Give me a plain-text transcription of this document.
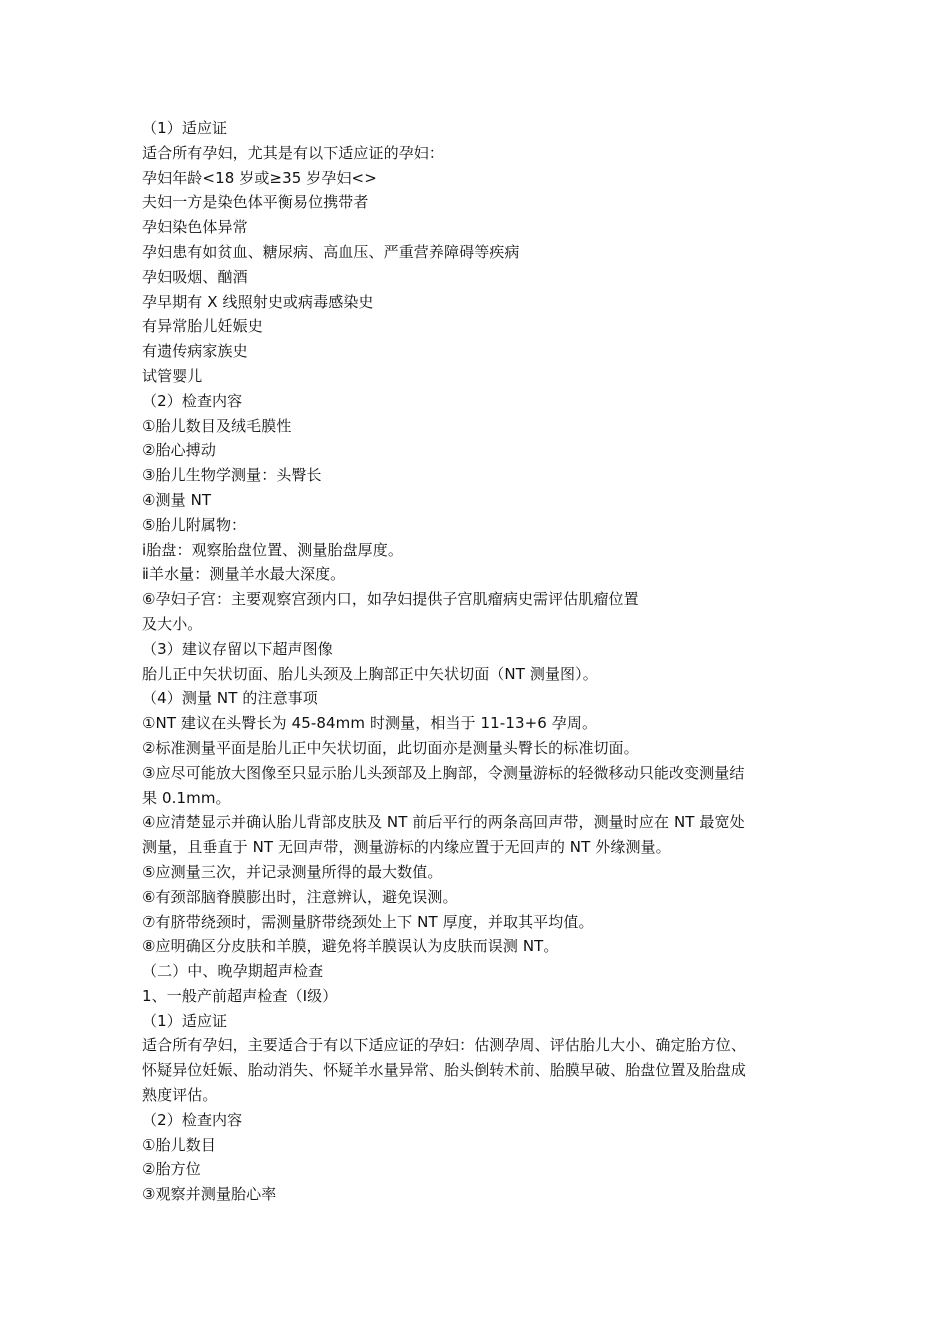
（1）适应证
适合所有孕妇，尤其是有以下适应证的孕妇：
孕妇年龄<18 岁或≥35 岁孕妇<>
夫妇一方是染色体平衡易位携带者
孕妇染色体异常
孕妇患有如贫血、糖尿病、高血压、严重营养障碍等疾病
孕妇吸烟、酗酒
孕早期有 X 线照射史或病毒感染史
有异常胎儿妊娠史
有遗传病家族史
试管婴儿
（2）检查内容
①胎儿数目及绒毛膜性
②胎心搏动
③胎儿生物学测量：头臀长
④测量 NT
⑤胎儿附属物：
ⅰ胎盘：观察胎盘位置、测量胎盘厚度。
ⅱ羊水量：测量羊水最大深度。
⑥孕妇子宫：主要观察宫颈内口，如孕妇提供子宫肌瘤病史需评估肌瘤位置
及大小。
（3）建议存留以下超声图像
胎儿正中矢状切面、胎儿头颈及上胸部正中矢状切面（NT 测量图）。
（4）测量 NT 的注意事项
①NT 建议在头臀长为 45-84mm 时测量，相当于 11-13+6 孕周。
②标准测量平面是胎儿正中矢状切面，此切面亦是测量头臀长的标准切面。
③应尽可能放大图像至只显示胎儿头颈部及上胸部，令测量游标的轻微移动只能改变测量结
果 0.1mm。
④应清楚显示并确认胎儿背部皮肤及 NT 前后平行的两条高回声带，测量时应在 NT 最宽处
测量，且垂直于 NT 无回声带，测量游标的内缘应置于无回声的 NT 外缘测量。
⑤应测量三次，并记录测量所得的最大数值。
⑥有颈部脑脊膜膨出时，注意辨认，避免误测。
⑦有脐带绕颈时，需测量脐带绕颈处上下 NT 厚度，并取其平均值。
⑧应明确区分皮肤和羊膜，避免将羊膜误认为皮肤而误测 NT。
（二）中、晚孕期超声检查
1、一般产前超声检查（Ⅰ级）
（1）适应证
适合所有孕妇，主要适合于有以下适应证的孕妇：估测孕周、评估胎儿大小、确定胎方位、
怀疑异位妊娠、胎动消失、怀疑羊水量异常、胎头倒转术前、胎膜早破、胎盘位置及胎盘成
熟度评估。
（2）检查内容
①胎儿数目
②胎方位
③观察并测量胎心率
